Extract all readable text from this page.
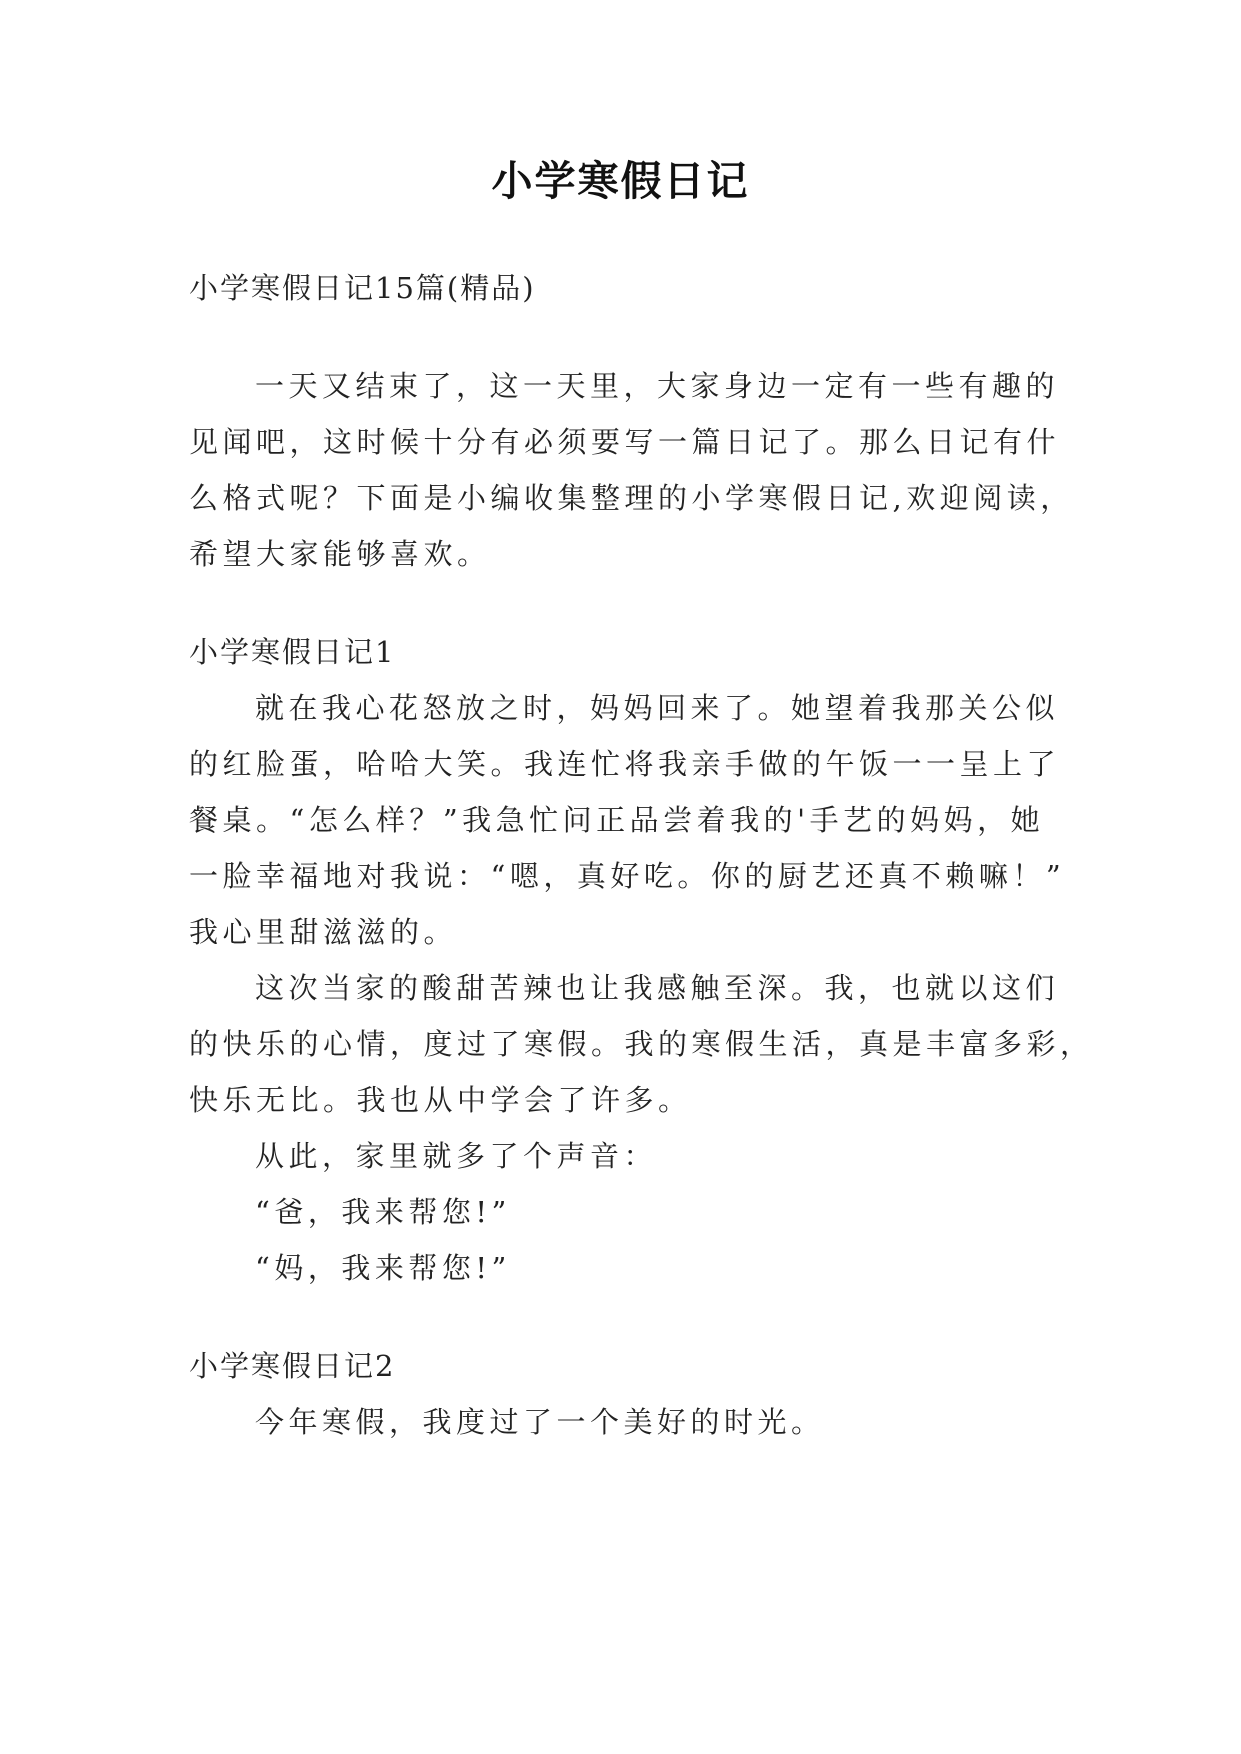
小学寒假日记
小学寒假日记15篇(精品)
一天又结束了，这一天里，大家身边一定有一些有趣的
见闻吧，这时候十分有必须要写一篇日记了。那么日记有什
么格式呢？下面是小编收集整理的小学寒假日记,欢迎阅读，
希望大家能够喜欢。
小学寒假日记1
就在我心花怒放之时，妈妈回来了。她望着我那关公似
的红脸蛋，哈哈大笑。我连忙将我亲手做的午饭一一呈上了
餐桌。“怎么样？”我急忙问正品尝着我的'手艺的妈妈，她
一脸幸福地对我说：“嗯，真好吃。你的厨艺还真不赖嘛！”
我心里甜滋滋的。
这次当家的酸甜苦辣也让我感触至深。我，也就以这们
的快乐的心情，度过了寒假。我的寒假生活，真是丰富多彩，
快乐无比。我也从中学会了许多。
从此，家里就多了个声音：
“爸，我来帮您!”
“妈，我来帮您!”
小学寒假日记2
今年寒假，我度过了一个美好的时光。
